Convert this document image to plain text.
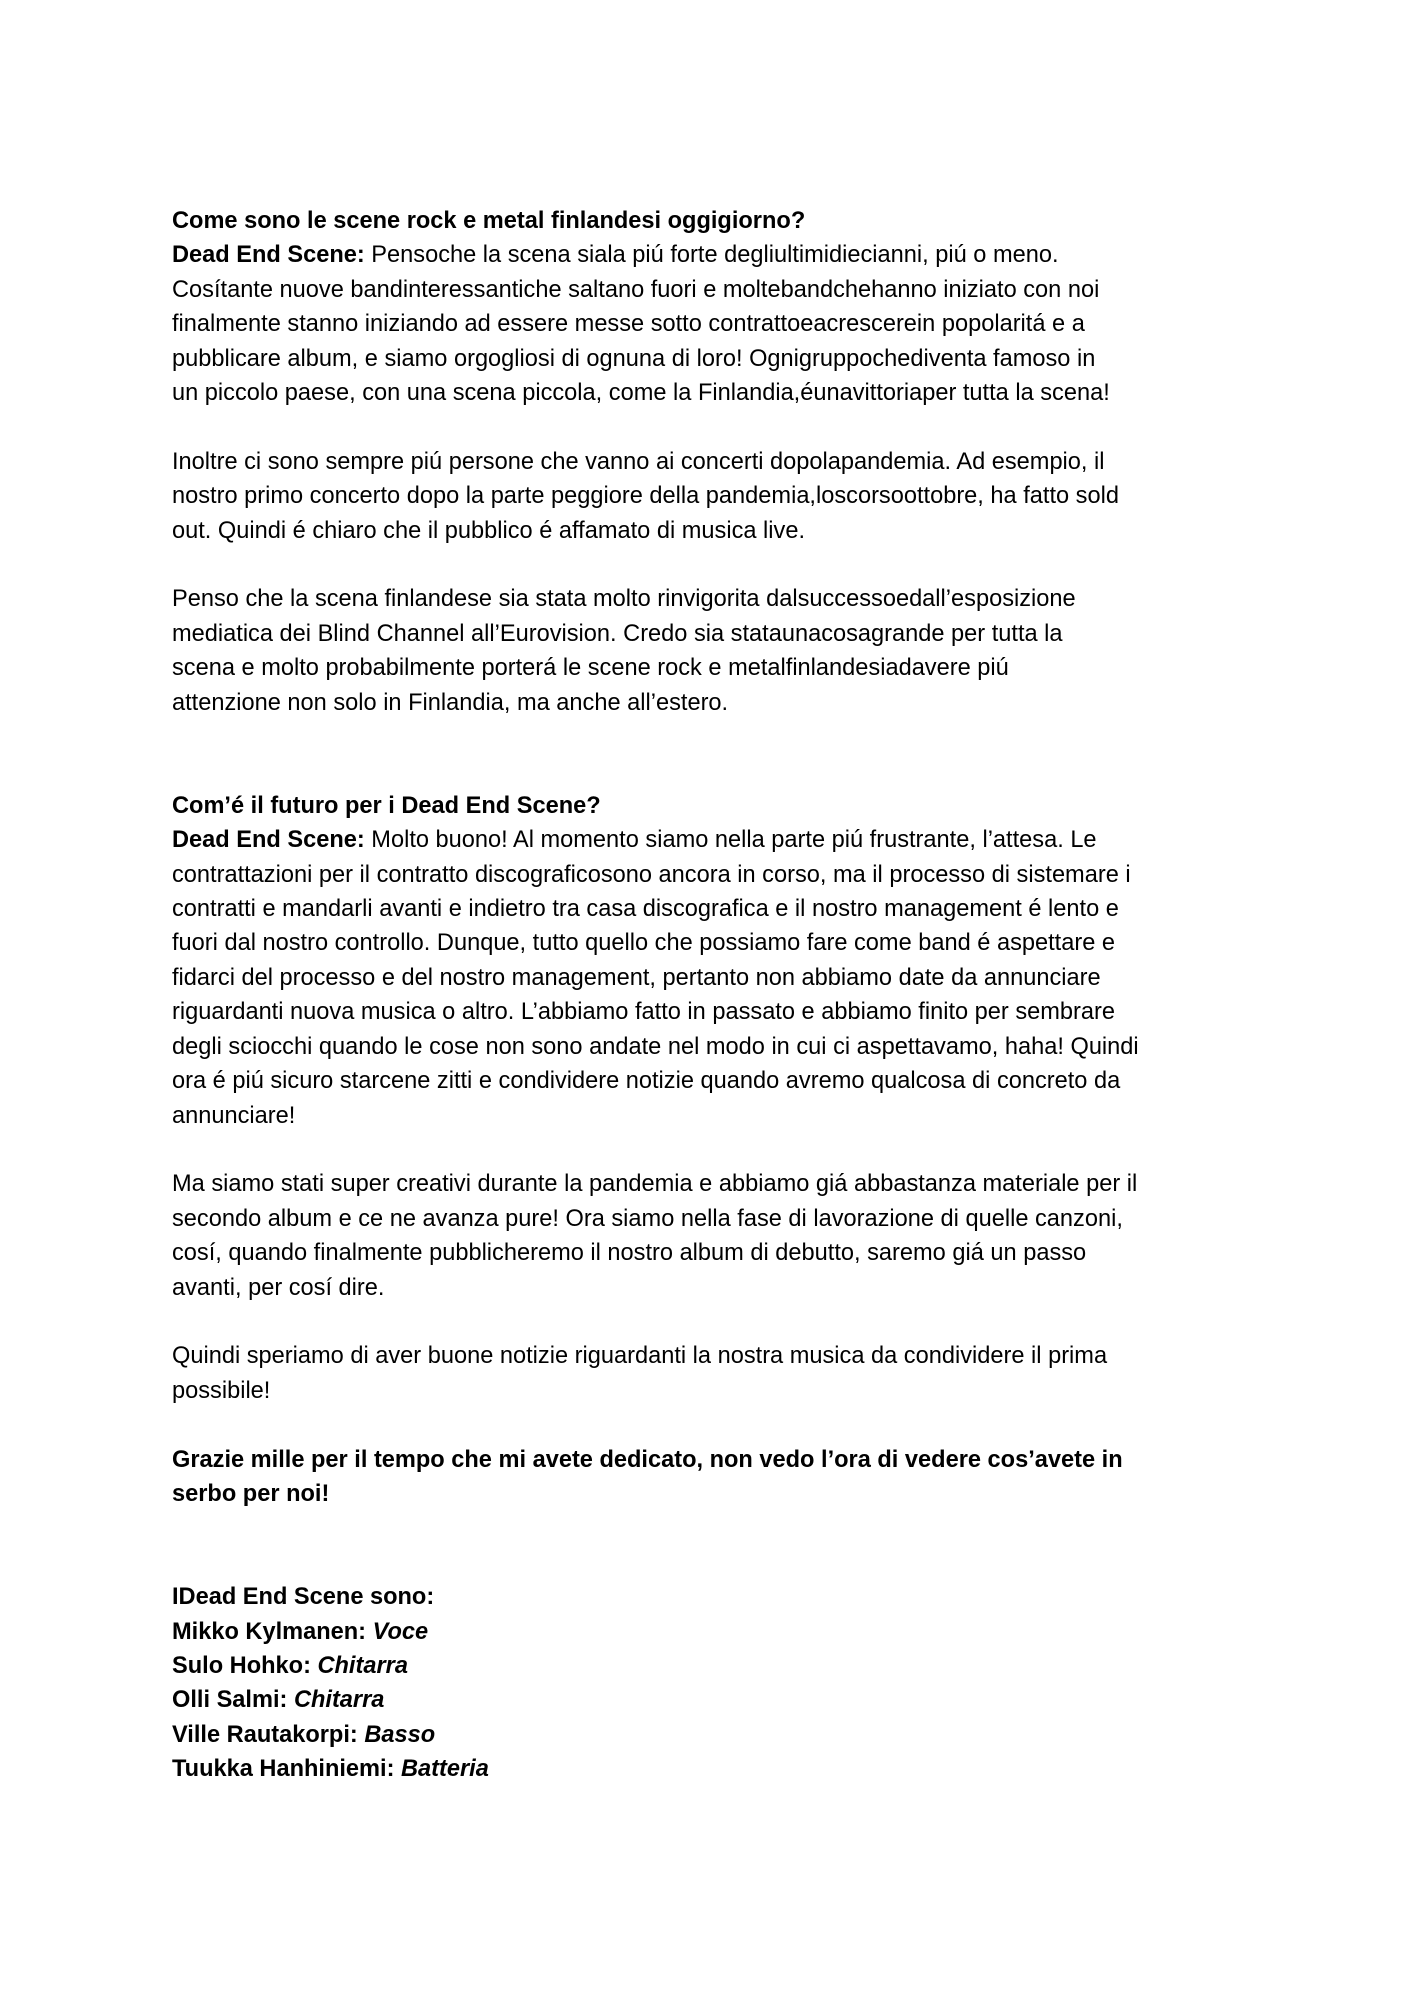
Come sono le scene rock e metal finlandesi oggigiorno?

Dead End Scene: Pensoche la scena siala piú forte degliultimidiecianni, piú o meno.
Cosítante nuove bandinteressantiche saltano fuori e moltebandchehanno iniziato con noi
finalmente stanno iniziando ad essere messe sotto contrattoeacrescerein popolaritá e a
pubblicare album, e siamo orgogliosi di ognuna di loro! Ognigruppochediventa famoso in
un piccolo paese, con una scena piccola, come la Finlandia,éunavittoriaper tutta la scena!

Inoltre ci sono sempre piú persone che vanno ai concerti dopolapandemia. Ad esempio, il
nostro primo concerto dopo la parte peggiore della pandemia,loscorsoottobre, ha fatto sold
out. Quindi é chiaro che il pubblico é affamato di musica live.

Penso che la scena finlandese sia stata molto rinvigorita dalsuccessoedall’esposizione
mediatica dei Blind Channel all’Eurovision. Credo sia stataunacosagrande per tutta la
scena e molto probabilmente porterá le scene rock e metalfinlandesiadavere piú
attenzione non solo in Finlandia, ma anche all’estero.

Com’é il futuro per i Dead End Scene?

Dead End Scene: Molto buono! Al momento siamo nella parte piú frustrante, l’attesa. Le
contrattazioni per il contratto discograficosono ancora in corso, ma il processo di sistemare i
contratti e mandarli avanti e indietro tra casa discografica e il nostro management é lento e
fuori dal nostro controllo. Dunque, tutto quello che possiamo fare come band é aspettare e
fidarci del processo e del nostro management, pertanto non abbiamo date da annunciare
riguardanti nuova musica o altro. L’abbiamo fatto in passato e abbiamo finito per sembrare
degli sciocchi quando le cose non sono andate nel modo in cui ci aspettavamo, haha! Quindi
ora é piú sicuro starcene zitti e condividere notizie quando avremo qualcosa di concreto da
annunciare!

Ma siamo stati super creativi durante la pandemia e abbiamo giá abbastanza materiale per il
secondo album e ce ne avanza pure! Ora siamo nella fase di lavorazione di quelle canzoni,
cosí, quando finalmente pubblicheremo il nostro album di debutto, saremo giá un passo
avanti, per cosí dire.

Quindi speriamo di aver buone notizie riguardanti la nostra musica da condividere il prima
possibile!

Grazie mille per il tempo che mi avete dedicato, non vedo l’ora di vedere cos’avete in
serbo per noi!

IDead End Scene sono:
Mikko Kylmanen: Voce
Sulo Hohko: Chitarra
Olli Salmi: Chitarra
Ville Rautakorpi: Basso
Tuukka Hanhiniemi: Batteria
